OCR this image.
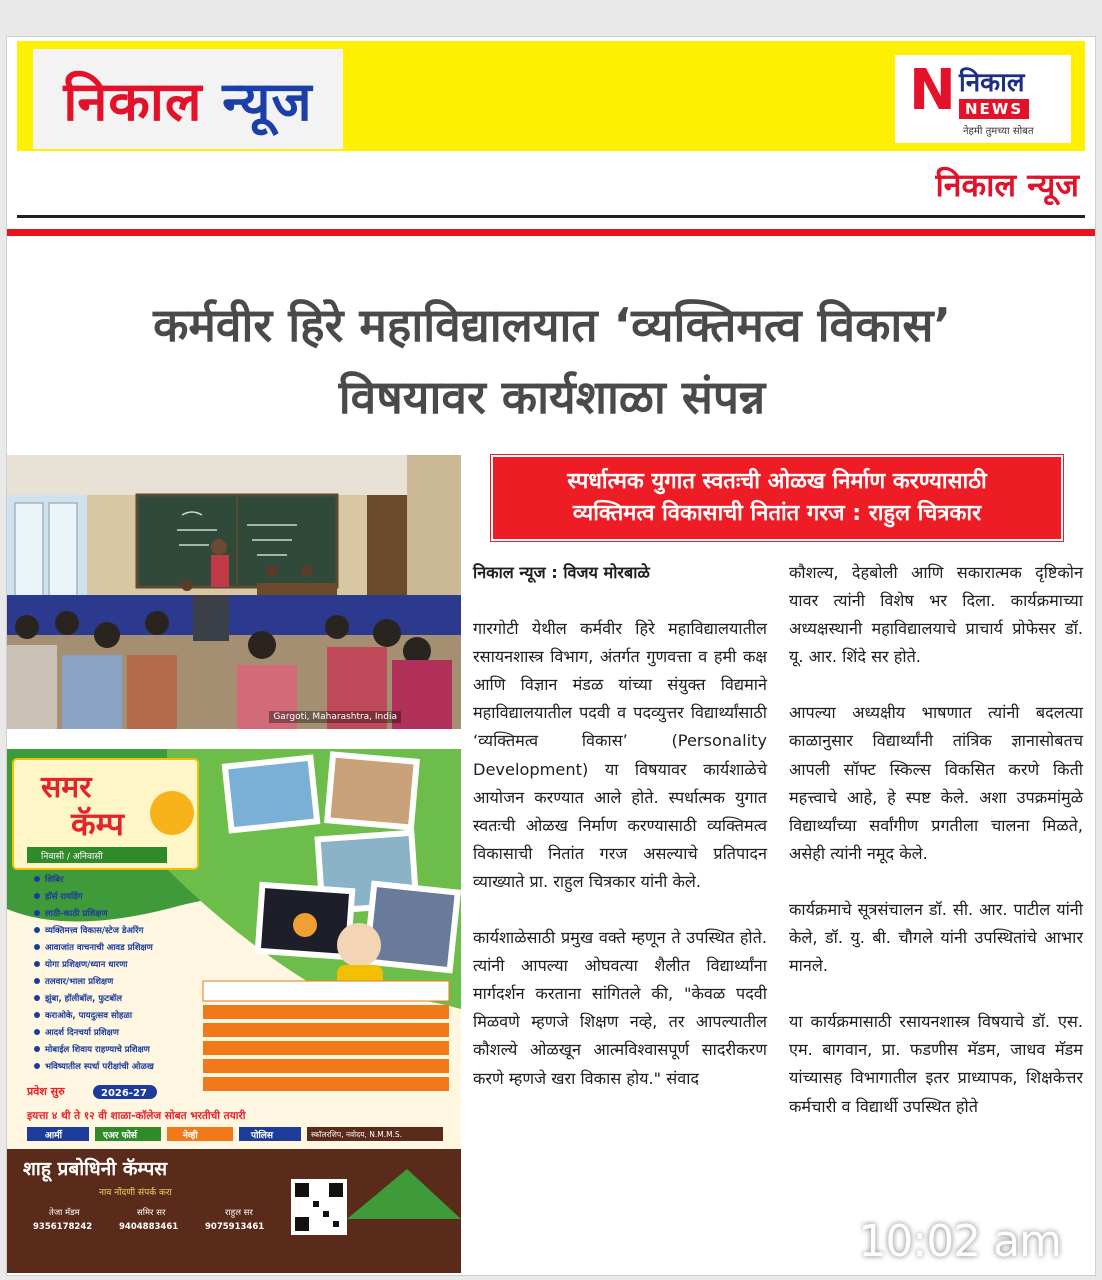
निकाल न्यूज	N निकाल
NEWS
नेहमी तुमच्या सोबत
निकाल न्यूज
कर्मवीर हिरे महाविद्यालयात ‘व्यक्तिमत्व विकास’
विषयावर कार्यशाळा संपन्न
Gargoti, Maharashtra, India
समर
कॅम्प
निवासी / अनिवासी
शिबिर
हॉर्स रायडिंग
लाठी-काठी प्रशिक्षण
व्यक्तिमत्त्व विकास/स्टेज डेअरिंग
आवाजांत वाचनाची आवड प्रशिक्षण
योगा प्रशिक्षण/ध्यान धारणा
तलवार/भाला प्रशिक्षण
झुंबा, हॉलीबॉल, फुटबॉल
कराओके, पायदुत्सव सोहळा
आदर्श दिनचर्या प्रशिक्षण
मोबाईल शिवाय राहण्याचे प्रशिक्षण
भविष्यातील स्पर्धा परीक्षांची ओळख
प्रवेश सुरु	2026-27
इयत्ता ४ थी ते १२ वी शाळा-कॉलेज सोबत भरतीची तयारी
आर्मी	एअर फोर्स	नेव्ही	पोलिस	स्कॉलरशिप, नवोदय, N.M.M.S.
शाहू प्रबोधिनी कॅम्पस
नाव नोंदणी संपर्क करा
तेजा मॅडम
9356178242
समिर सर
9404883461
राहुल सर
9075913461
स्पर्धात्मक युगात स्वतःची ओळख निर्माण करण्यासाठी
व्यक्तिमत्व विकासाची नितांत गरज : राहुल चित्रकार

निकाल न्यूज : विजय मोरबाळे

गारगोटी येथील कर्मवीर हिरे महाविद्यालयातील रसायनशास्त्र विभाग, अंतर्गत गुणवत्ता व हमी कक्ष आणि विज्ञान मंडळ यांच्या संयुक्त विद्यमाने महाविद्यालयातील पदवी व पदव्युत्तर विद्यार्थ्यांसाठी ‘व्यक्तिमत्व विकास’ (Personality Development) या विषयावर कार्यशाळेचे आयोजन करण्यात आले होते. स्पर्धात्मक युगात स्वतःची ओळख निर्माण करण्यासाठी व्यक्तिमत्व विकासाची नितांत गरज असल्याचे प्रतिपादन व्याख्याते प्रा. राहुल चित्रकार यांनी केले.

कार्यशाळेसाठी प्रमुख वक्ते म्हणून ते उपस्थित होते. त्यांनी आपल्या ओघवत्या शैलीत विद्यार्थ्यांना मार्गदर्शन करताना सांगितले की, "केवळ पदवी मिळवणे म्हणजे शिक्षण नव्हे, तर आपल्यातील कौशल्ये ओळखून आत्मविश्वासपूर्ण सादरीकरण करणे म्हणजे खरा विकास होय." संवाद

कौशल्य, देहबोली आणि सकारात्मक दृष्टिकोन यावर त्यांनी विशेष भर दिला. कार्यक्रमाच्या अध्यक्षस्थानी महाविद्यालयाचे प्राचार्य प्रोफेसर डॉ. यू. आर. शिंदे सर होते.

आपल्या अध्यक्षीय भाषणात त्यांनी बदलत्या काळानुसार विद्यार्थ्यांनी तांत्रिक ज्ञानासोबतच आपली सॉफ्ट स्किल्स विकसित करणे किती महत्त्वाचे आहे, हे स्पष्ट केले. अशा उपक्रमांमुळे विद्यार्थ्यांच्या सर्वांगीण प्रगतीला चालना मिळते, असेही त्यांनी नमूद केले.

कार्यक्रमाचे सूत्रसंचालन डॉ. सी. आर. पाटील यांनी केले, डॉ. यु. बी. चौगले यांनी उपस्थितांचे आभार मानले.

या कार्यक्रमासाठी रसायनशास्त्र विषयाचे डॉ. एस. एम. बागवान, प्रा. फडणीस मॅडम, जाधव मॅडम यांच्यासह विभागातील इतर प्राध्यापक, शिक्षकेत्तर कर्मचारी व विद्यार्थी उपस्थित होते

10:02 am
